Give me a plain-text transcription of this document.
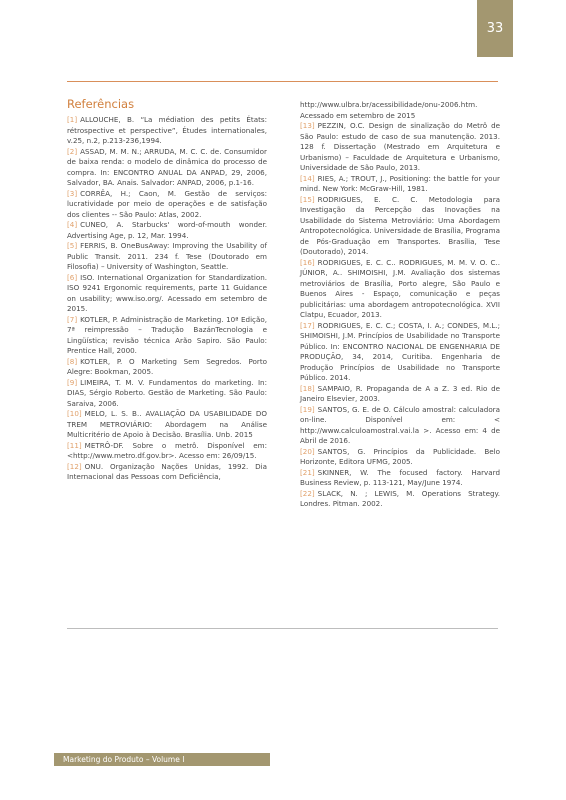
33
Referências

[1] ALLOUCHE, B. “La médiation des petits États: rétrospective et perspective”, Études internationales, v.25, n.2, p.213-236,1994.

[2] ASSAD, M. M. N.; ARRUDA, M. C. C. de. Consumidor de baixa renda: o modelo de dinâmica do processo de compra. In: ENCONTRO ANUAL DA ANPAD, 29, 2006, Salvador, BA. Anais. Salvador: ANPAD, 2006, p.1-16.

[3] CORRÊA, H.; Caon, M. Gestão de serviços: lucratividade por meio de operações e de satisfação dos clientes -- São Paulo: Atlas, 2002.

[4] CUNEO, A. Starbucks' word-of-mouth wonder. Advertising Age, p. 12, Mar. 1994.

[5] FERRIS, B. OneBusAway: Improving the Usability of Public Transit. 2011. 234 f. Tese (Doutorado em Filosofia) – University of Washington, Seattle.

[6] ISO. International Organization for Standardization. ISO 9241 Ergonomic requirements, parte 11 Guidance on usability; www.iso.org/. Acessado em setembro de 2015.

[7] KOTLER, P. Administração de Marketing. 10ª Edição, 7ª reimpressão – Tradução BazánTecnologia e Lingüística; revisão técnica Arão Sapiro. São Paulo: Prentice Hall, 2000.

[8] KOTLER, P. O Marketing Sem Segredos. Porto Alegre: Bookman, 2005.

[9] LIMEIRA, T. M. V. Fundamentos do marketing. In: DIAS, Sérgio Roberto. Gestão de Marketing. São Paulo: Saraiva, 2006.

[10] MELO, L. S. B.. AVALIAÇÃO DA USABILIDADE DO TREM METROVIÁRIO: Abordagem na Análise Multicritério de Apoio à Decisão. Brasília. Unb. 2015

[11] METRÔ-DF. Sobre o metrô. Disponível em: <http://www.metro.df.gov.br>. Acesso em: 26/09/15.

[12] ONU. Organização Nações Unidas, 1992. Dia Internacional das Pessoas com Deficiência,

http://www.ulbra.br/acessibilidade/onu-2006.htm. Acessado em setembro de 2015

[13] PEZZIN, O.C. Design de sinalização do Metrô de São Paulo: estudo de caso de sua manutenção. 2013. 128 f. Dissertação (Mestrado em Arquitetura e Urbanismo) – Faculdade de Arquitetura e Urbanismo, Universidade de São Paulo, 2013.

[14] RIES, A.; TROUT, J., Positioning: the battle for your mind. New York: McGraw-Hill, 1981.

[15] RODRIGUES, E. C. C. Metodologia para Investigação da Percepção das Inovações na Usabilidade do Sistema Metroviário: Uma Abordagem Antropotecnológica. Universidade de Brasília, Programa de Pós-Graduação em Transportes. Brasília, Tese (Doutorado), 2014.

[16] RODRIGUES, E. C. C.. RODRIGUES, M. M. V. O. C.. JÚNIOR, A.. SHIMOISHI, J.M. Avaliação dos sistemas metroviários de Brasília, Porto alegre, São Paulo e Buenos Aires - Espaço, comunicação e peças publicitárias: uma abordagem antropotecnológica. XVII Clatpu, Ecuador, 2013.

[17] RODRIGUES, E. C. C.; COSTA, I. A.; CONDES, M.L.; SHIMOISHI, J.M. Princípios de Usabilidade no Transporte Público. In: ENCONTRO NACIONAL DE ENGENHARIA DE PRODUÇÃO, 34, 2014, Curitiba. Engenharia de Produção Princípios de Usabilidade no Transporte Público. 2014.

[18] SAMPAIO, R. Propaganda de A a Z. 3 ed. Rio de Janeiro Elsevier, 2003.

[19] SANTOS, G. E. de O. Cálculo amostral: calculadora on-line. Disponível em: < http://www.calculoamostral.vai.la >. Acesso em: 4 de Abril de 2016.

[20] SANTOS, G. Princípios da Publicidade. Belo Horizonte, Editora UFMG, 2005.

[21] SKINNER, W. The focused factory. Harvard Business Review, p. 113-121, May/June 1974.

[22] SLACK, N. ; LEWIS, M. Operations Strategy. Londres. Pitman. 2002.

Marketing do Produto – Volume I
